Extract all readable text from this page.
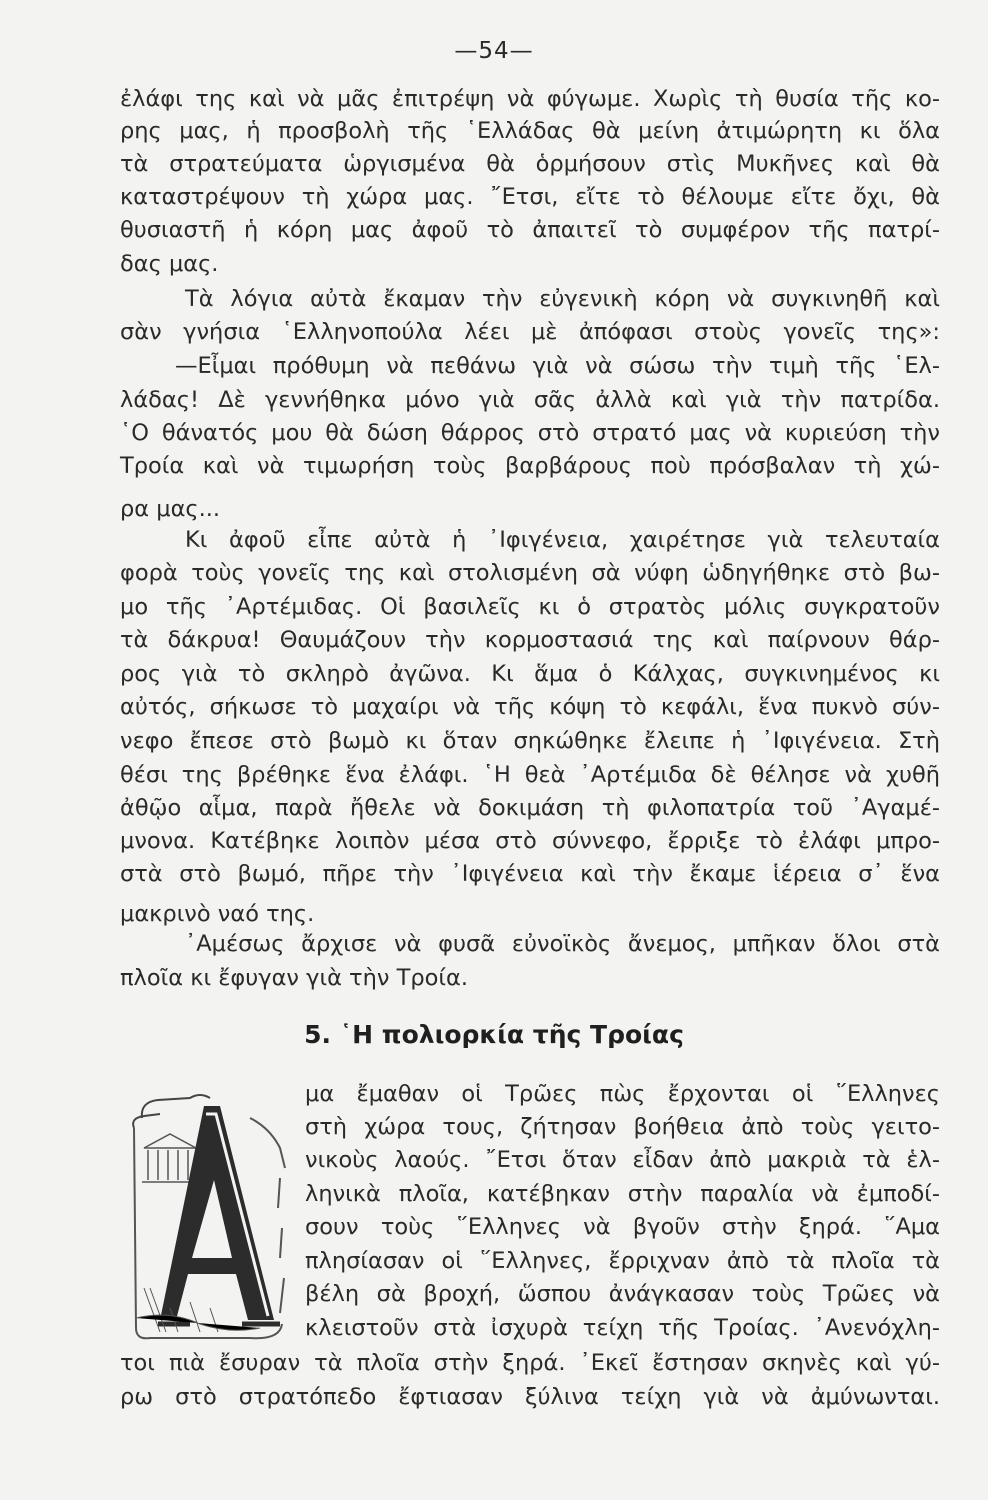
—54—
ἐλάφι της καὶ νὰ μᾶς ἐπιτρέψη νὰ φύγωμε. Χωρὶς τὴ θυσία τῆς κο-
ρης μας, ἡ προσβολὴ τῆς ῾Ελλάδας θὰ μείνη ἀτιμώρητη κι ὅλα
τὰ στρατεύματα ὡργισμένα θὰ ὁρμήσουν στὶς Μυκῆνες καὶ θὰ
καταστρέψουν τὴ χώρα μας. ῎Ετσι, εἴτε τὸ θέλουμε εἴτε ὄχι, θὰ
θυσιαστῆ ἡ κόρη μας ἀφοῦ τὸ ἀπαιτεῖ τὸ συμφέρον τῆς πατρί-
δας μας.
Τὰ λόγια αὐτὰ ἔκαμαν τὴν εὐγενικὴ κόρη νὰ συγκινηθῆ καὶ
σὰν γνήσια ῾Ελληνοπούλα λέει μὲ ἀπόφασι στοὺς γονεῖς της»:
—Εἶμαι πρόθυμη νὰ πεθάνω γιὰ νὰ σώσω τὴν τιμὴ τῆς ῾Ελ-
λάδας! Δὲ γεννήθηκα μόνο γιὰ σᾶς ἀλλὰ καὶ γιὰ τὴν πατρίδα.
῾Ο θάνατός μου θὰ δώση θάρρος στὸ στρατό μας νὰ κυριεύση τὴν
Τροία καὶ νὰ τιμωρήση τοὺς βαρβάρους ποὺ πρόσβαλαν τὴ χώ-
ρα μας...
Κι ἀφοῦ εἶπε αὐτὰ ἡ ᾿Ιφιγένεια, χαιρέτησε γιὰ τελευταία
φορὰ τοὺς γονεῖς της καὶ στολισμένη σὰ νύφη ὡδηγήθηκε στὸ βω-
μο τῆς ᾿Αρτέμιδας. Οἱ βασιλεῖς κι ὁ στρατὸς μόλις συγκρατοῦν
τὰ δάκρυα! Θαυμάζουν τὴν κορμοστασιά της καὶ παίρνουν θάρ-
ρος γιὰ τὸ σκληρὸ ἀγῶνα. Κι ἅμα ὁ Κάλχας, συγκινημένος κι
αὐτός, σήκωσε τὸ μαχαίρι νὰ τῆς κόψη τὸ κεφάλι, ἕνα πυκνὸ σύν-
νεφο ἔπεσε στὸ βωμὸ κι ὅταν σηκώθηκε ἔλειπε ἡ ᾿Ιφιγένεια. Στὴ
θέσι της βρέθηκε ἕνα ἐλάφι. ῾Η θεὰ ᾿Αρτέμιδα δὲ θέλησε νὰ χυθῆ
ἀθῷο αἷμα, παρὰ ἤθελε νὰ δοκιμάση τὴ φιλοπατρία τοῦ ᾿Αγαμέ-
μνονα. Κατέβηκε λοιπὸν μέσα στὸ σύννεφο, ἔρριξε τὸ ἐλάφι μπρο-
στὰ στὸ βωμό, πῆρε τὴν ᾿Ιφιγένεια καὶ τὴν ἔκαμε ἱέρεια σ᾿ ἕνα
μακρινὸ ναό της.
᾿Αμέσως ἄρχισε νὰ φυσᾶ εὐνοϊκὸς ἄνεμος, μπῆκαν ὅλοι στὰ
πλοῖα κι ἔφυγαν γιὰ τὴν Τροία.
5. ῾Η πολιορκία τῆς Τροίας
μα ἔμαθαν οἱ Τρῶες πὼς ἔρχονται οἱ ῞Ελληνες
στὴ χώρα τους, ζήτησαν βοήθεια ἀπὸ τοὺς γειτο-
νικοὺς λαούς. ῎Ετσι ὅταν εἶδαν ἀπὸ μακριὰ τὰ ἑλ-
ληνικὰ πλοῖα, κατέβηκαν στὴν παραλία νὰ ἐμποδί-
σουν τοὺς ῞Ελληνες νὰ βγοῦν στὴν ξηρά. ῞Αμα
πλησίασαν οἱ ῞Ελληνες, ἔρριχναν ἀπὸ τὰ πλοῖα τὰ
βέλη σὰ βροχή, ὥσπου ἀνάγκασαν τοὺς Τρῶες νὰ
κλειστοῦν στὰ ἰσχυρὰ τείχη τῆς Τροίας. ᾿Ανενόχλη-
τοι πιὰ ἔσυραν τὰ πλοῖα στὴν ξηρά. ᾿Εκεῖ ἔστησαν σκηνὲς καὶ γύ-
ρω στὸ στρατόπεδο ἔφτιασαν ξύλινα τείχη γιὰ νὰ ἀμύνωνται.
